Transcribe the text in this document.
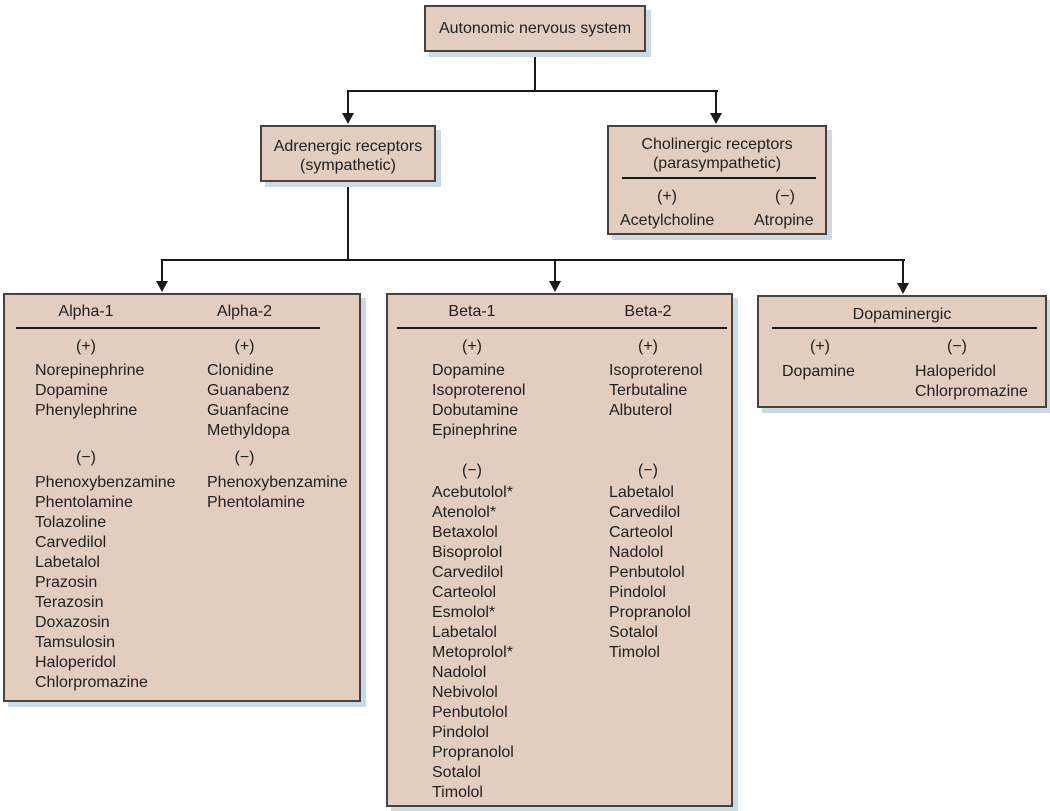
Autonomic nervous system
Adrenergic receptors
(sympathetic)
Cholinergic receptors
(parasympathetic)
(+)
Acetylcholine
(−)
Atropine
Alpha-1
(+)
Norepinephrine
Dopamine
Phenylephrine
(−)
Phenoxybenzamine
Phentolamine
Tolazoline
Carvedilol
Labetalol
Prazosin
Terazosin
Doxazosin
Tamsulosin
Haloperidol
Chlorpromazine
Alpha-2
(+)
Clonidine
Guanabenz
Guanfacine
Methyldopa
(−)
Phenoxybenzamine
Phentolamine
Beta-1
(+)
Dopamine
Isoproterenol
Dobutamine
Epinephrine
(−)
Acebutolol*
Atenolol*
Betaxolol
Bisoprolol
Carvedilol
Carteolol
Esmolol*
Labetalol
Metoprolol*
Nadolol
Nebivolol
Penbutolol
Pindolol
Propranolol
Sotalol
Timolol
Beta-2
(+)
Isoproterenol
Terbutaline
Albuterol
(−)
Labetalol
Carvedilol
Carteolol
Nadolol
Penbutolol
Pindolol
Propranolol
Sotalol
Timolol
Dopaminergic
(+)
Dopamine
(−)
Haloperidol
Chlorpromazine
